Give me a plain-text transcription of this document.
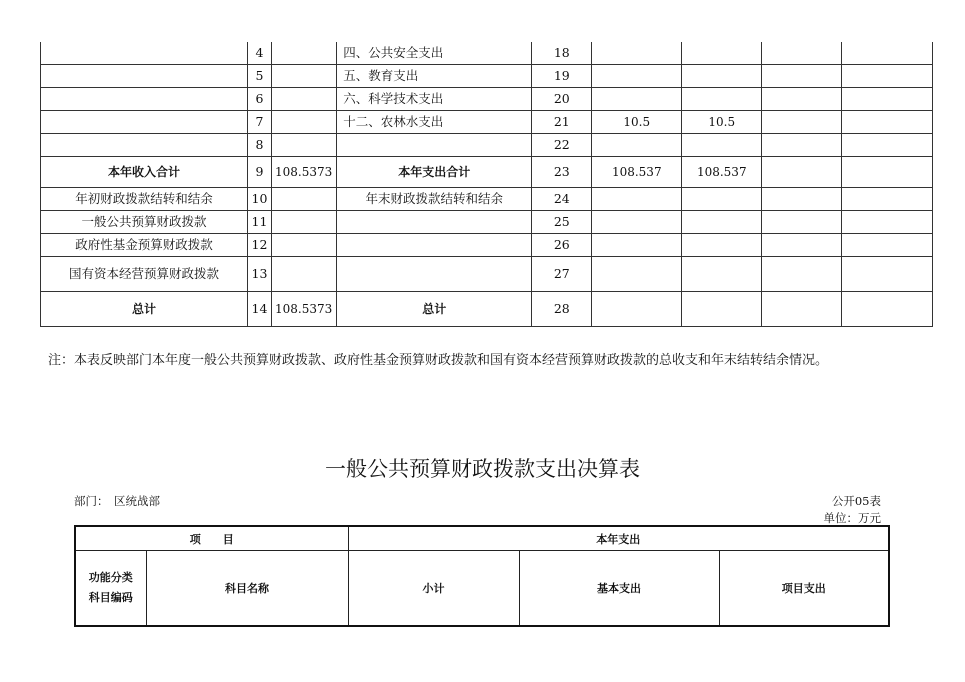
	4		四、公共安全支出	18				
	5		五、教育支出	19				
	6		六、科学技术支出	20				
	7		十二、农林水支出	21	10.5	10.5		
	8			22				
本年收入合计	9	108.5373	本年支出合计	23	108.537	108.537		
年初财政拨款结转和结余	10		年末财政拨款结转和结余	24				
一般公共预算财政拨款	11			25				
政府性基金预算财政拨款	12			26				
国有资本经营预算财政拨款	13			27				
总计	14	108.5373	总计	28				
注：本表反映部门本年度一般公共预算财政拨款、政府性基金预算财政拨款和国有资本经营预算财政拨款的总收支和年末结转结余情况。
一般公共预算财政拨款支出决算表
部门： 区统战部	公开05表
单位：万元
项　　目		本年支出		

功能分类
科目编码	科目名称	小计	基本支出	项目支出
